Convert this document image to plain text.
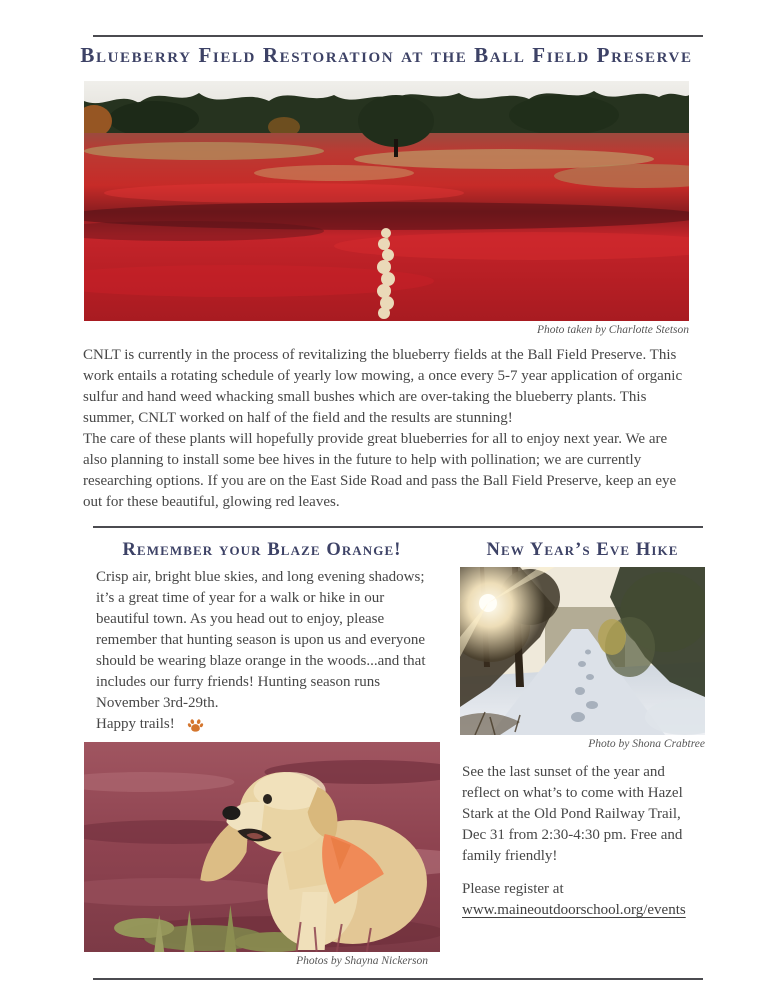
Blueberry Field Restoration at the Ball Field Preserve
Photo taken by Charlotte Stetson

CNLT is currently in the process of revitalizing the blueberry fields at the Ball Field Preserve. This work entails a rotating schedule of yearly low mowing, a once every 5-7 year application of organic sulfur and hand weed whacking small bushes which are over-taking the blueberry plants. This summer, CNLT worked on half of the field and the results are stunning!

The care of these plants will hopefully provide great blueberries for all to enjoy next year. We are also planning to install some bee hives in the future to help with pollination; we are currently researching options. If you are on the East Side Road and pass the Ball Field Preserve, keep an eye out for these beautiful, glowing red leaves.

Remember your Blaze Orange!

Crisp air, bright blue skies, and long evening shadows; it’s a great time of year for a walk or hike in our beautiful town. As you head out to enjoy, please remember that hunting season is upon us and everyone should be wearing blaze orange in the woods...and that includes our furry friends! Hunting season runs November 3rd-29th.

Happy trails!
Photos by Shayna Nickerson
New Year’s Eve Hike
Photo by Shona Crabtree

See the last sunset of the year and reflect on what’s to come with Hazel Stark at the Old Pond Railway Trail, Dec 31 from 2:30-4:30 pm. Free and family friendly!

Please register at
www.maineoutdoorschool.org/events
